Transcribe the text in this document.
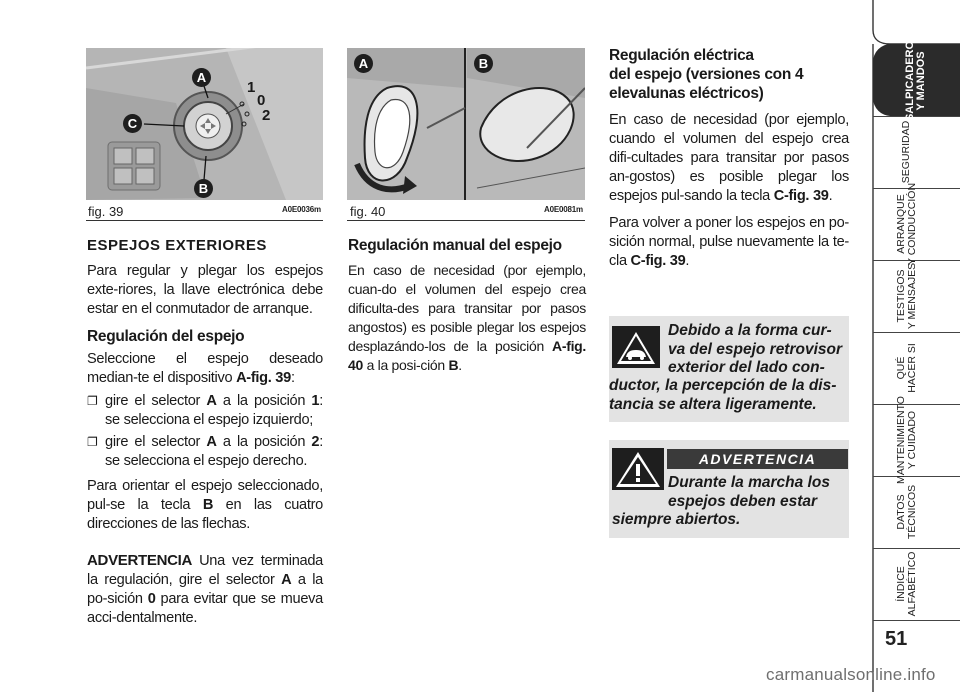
A
C
B
1
0
2
fig. 39	A0E0036m
A	B
fig. 40	A0E0081m
ESPEJOS EXTERIORES

Para regular y plegar los espejos exte-riores, la llave electrónica debe estar en el conmutador de arranque.

Regulación del espejo

Seleccione el espejo deseado median-te el dispositivo A-fig. 39:

❐ gire el selector A a la posición 1: se selecciona el espejo izquierdo;
❐ gire el selector A a la posición 2: se selecciona el espejo derecho.

Para orientar el espejo seleccionado, pul-se la tecla B en las cuatro direcciones de las flechas.

ADVERTENCIA Una vez terminada la regulación, gire el selector A a la po-sición 0 para evitar que se mueva acci-dentalmente.

Regulación manual del espejo

En caso de necesidad (por ejemplo, cuan-do el volumen del espejo crea dificulta-des para transitar por pasos angostos) es posible plegar los espejos desplazándo-los de la posición A-fig. 40 a la posi-ción B.

Regulación eléctrica
del espejo (versiones con 4
elevalunas eléctricos)

En caso de necesidad (por ejemplo, cuando el volumen del espejo crea difi-cultades para transitar por pasos an-gostos) es posible plegar los espejos pul-sando la tecla C-fig. 39.

Para volver a poner los espejos en po-sición normal, pulse nuevamente la te-cla C-fig. 39.

Debido a la forma cur-
va del espejo retrovisor
exterior del lado con-
ductor, la percepción de la dis-
tancia se altera ligeramente.
ADVERTENCIA
Durante la marcha los
espejos deben estar
siempre abiertos.
SALPICADERO
Y MANDOS
SEGURIDAD
ARRANQUE
Y CONDUCCIÓN
TESTIGOS
Y MENSAJES
QUÉ
HACER SI
MANTENIMIENTO
Y CUIDADO
DATOS
TÉCNICOS
ÍNDICE
ALFABÉTICO
51
carmanualsonline.info
